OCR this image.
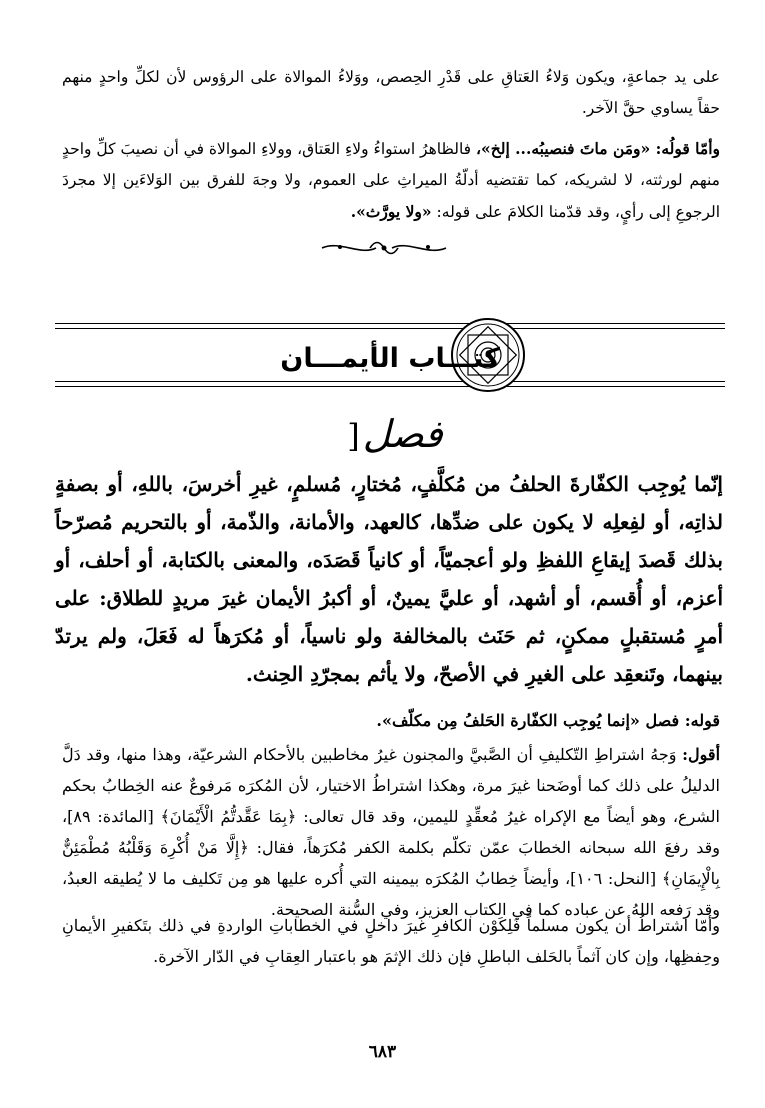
على يد جماعةٍ، ويكون وَلاءُ العَتاقِ على قَدْرِ الحِصص، ووَلاءُ الموالاة على الرؤوس لأن لكلِّ واحدٍ منهم حقاً يساوي حقَّ الآخر.

وأمّا قولُه: «ومَن ماتَ فنصيبُه... إلخ»، فالظاهرُ استواءُ ولاءِ العَتاق، وولاءِ الموالاة في أن نصيبَ كلِّ واحدٍ منهم لورثته، لا لشريكه، كما تقتضيه أدلّةُ الميراثِ على العموم، ولا وجهَ للفرق بين الوَلاءَين إلا مجردَ الرجوعِ إلى رأيٍ، وقد قدّمنا الكلامَ على قوله: «ولا يورَّث».

كتـــاب الأيمـــان
فصل[

إنّما يُوجِب الكفّارةَ الحلفُ من مُكلَّفٍ، مُختارٍ، مُسلمٍ، غيرِ أخرسَ، باللهِ، أو بصفةٍ لذاتِه، أو لفِعلِه لا يكون على ضدِّها، كالعهد، والأمانة، والذّمة، أو بالتحريم مُصرّحاً بذلك قَصدَ إيقاعِ اللفظِ ولو أعجميّاً، أو كانياً قَصَدَه، والمعنى بالكتابة، أو أحلف، أو أعزم، أو أُقسم، أو أشهد، أو عليَّ يمينٌ، أو أكبرُ الأيمان غيرَ مريدٍ للطلاق: على أمرٍ مُستقبلٍ ممكنٍ، ثم حَنَث بالمخالفة ولو ناسياً، أو مُكرَهاً له فَعَلَ، ولم يرتدّ بينهما، وتَنعقِد على الغيرِ في الأصحّ، ولا يأثم بمجرّدِ الحِنث.

قوله: فصل «إنما يُوجِب الكفّارة الحَلفُ مِن مكلّف».

أقول: وَجهُ اشتراطِ التّكليفِ أن الصَّبيَّ والمجنون غيرُ مخاطبين بالأحكام الشرعيّة، وهذا منها، وقد دَلَّ الدليلُ على ذلك كما أوضَحنا غيرَ مرة، وهكذا اشتراطُ الاختيار، لأن المُكرَه مَرفوعٌ عنه الخِطابُ بحكم الشرع، وهو أيضاً مع الإكراه غيرُ مُعقِّدٍ لليمين، وقد قال تعالى: ﴿بِمَا عَقَّدتُّمُ الْأَيْمَانَ﴾ [المائدة: ٨٩]، وقد رفعَ الله سبحانه الخطابَ عمّن تكلّم بكلمة الكفر مُكرَهاً، فقال: ﴿إِلَّا مَنْ أُكْرِهَ وَقَلْبُهُ مُطْمَئِنٌّ بِالْإِيمَانِ﴾ [النحل: ١٠٦]، وأيضاً خِطابُ المُكرَه بيمينه التي أُكره عليها هو مِن تَكليف ما لا يُطيقه العبدُ، وقد رَفعه اللهُ عن عباده كما في الكتاب العزيز، وفي السُّنة الصحيحة.

وأمّا اشتراطُ أن يكون مسلماً فَلِكَوْن الكافرِ غيرَ داخلٍ في الخطاباتِ الواردةِ في ذلك بتَكفيرِ الأيمانِ وحِفظِها، وإن كان آثماً بالحَلف الباطلِ فإن ذلك الإثمَ هو باعتبار العِقابِ في الدّار الآخرة.

٦٨٣
